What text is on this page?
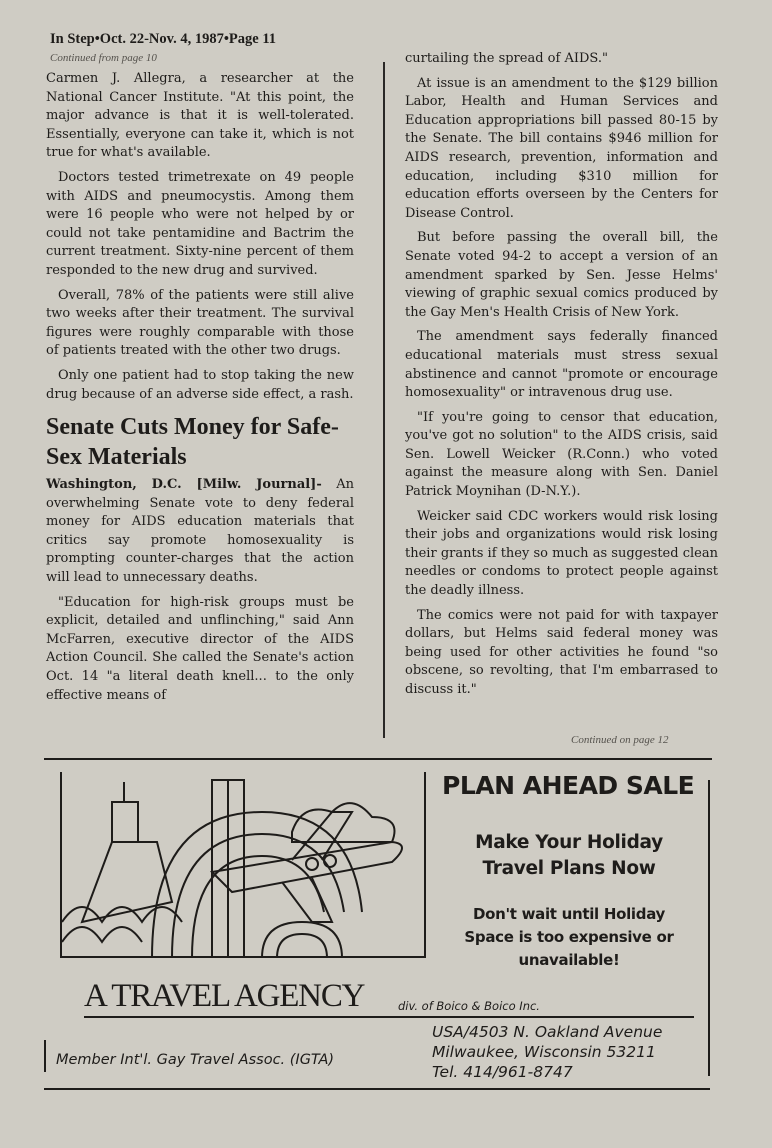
In Step•Oct. 22-Nov. 4, 1987•Page 11
Continued from page 10

Carmen J. Allegra, a researcher at the National Cancer Institute. "At this point, the major advance is that it is well-tolerated. Essentially, everyone can take it, which is not true for what's available.

Doctors tested trimetrexate on 49 people with AIDS and pneumocystis. Among them were 16 people who were not helped by or could not take pentamidine and Bactrim the current treatment. Sixty-nine percent of them responded to the new drug and survived.

Overall, 78% of the patients were still alive two weeks after their treatment. The survival figures were roughly comparable with those of patients treated with the other two drugs.

Only one patient had to stop taking the new drug because of an adverse side effect, a rash.

Senate Cuts Money for Safe-Sex Materials

Washington, D.C. [Milw. Journal]- An overwhelming Senate vote to deny federal money for AIDS education materials that critics say promote homosexuality is prompting counter-charges that the action will lead to unnecessary deaths.

"Education for high-risk groups must be explicit, detailed and unflinching," said Ann McFarren, executive director of the AIDS Action Council. She called the Senate's action Oct. 14 "a literal death knell... to the only effective means of

curtailing the spread of AIDS."

At issue is an amendment to the $129 billion Labor, Health and Human Services and Education appropriations bill passed 80-15 by the Senate. The bill contains $946 million for AIDS research, prevention, information and education, including $310 million for education efforts overseen by the Centers for Disease Control.

But before passing the overall bill, the Senate voted 94-2 to accept a version of an amendment sparked by Sen. Jesse Helms' viewing of graphic sexual comics produced by the Gay Men's Health Crisis of New York.

The amendment says federally financed educational materials must stress sexual abstinence and cannot "promote or encourage homosexuality" or intravenous drug use.

"If you're going to censor that education, you've got no solution" to the AIDS crisis, said Sen. Lowell Weicker (R.Conn.) who voted against the measure along with Sen. Daniel Patrick Moynihan (D-N.Y.).

Weicker said CDC workers would risk losing their jobs and organizations would risk losing their grants if they so much as suggested clean needles or condoms to protect people against the deadly illness.

The comics were not paid for with taxpayer dollars, but Helms said federal money was being used for other activities he found "so obscene, so revolting, that I'm embarrased to discuss it."

Continued on page 12
PLAN AHEAD SALE
Make Your Holiday
Travel Plans Now
Don't wait until Holiday
Space is too expensive or
unavailable!
A TRAVEL AGENCY	div. of Boico & Boico Inc.
USA/4503 N. Oakland Avenue
Milwaukee, Wisconsin 53211
Tel. 414/961-8747
Member Int'l. Gay Travel Assoc. (IGTA)
